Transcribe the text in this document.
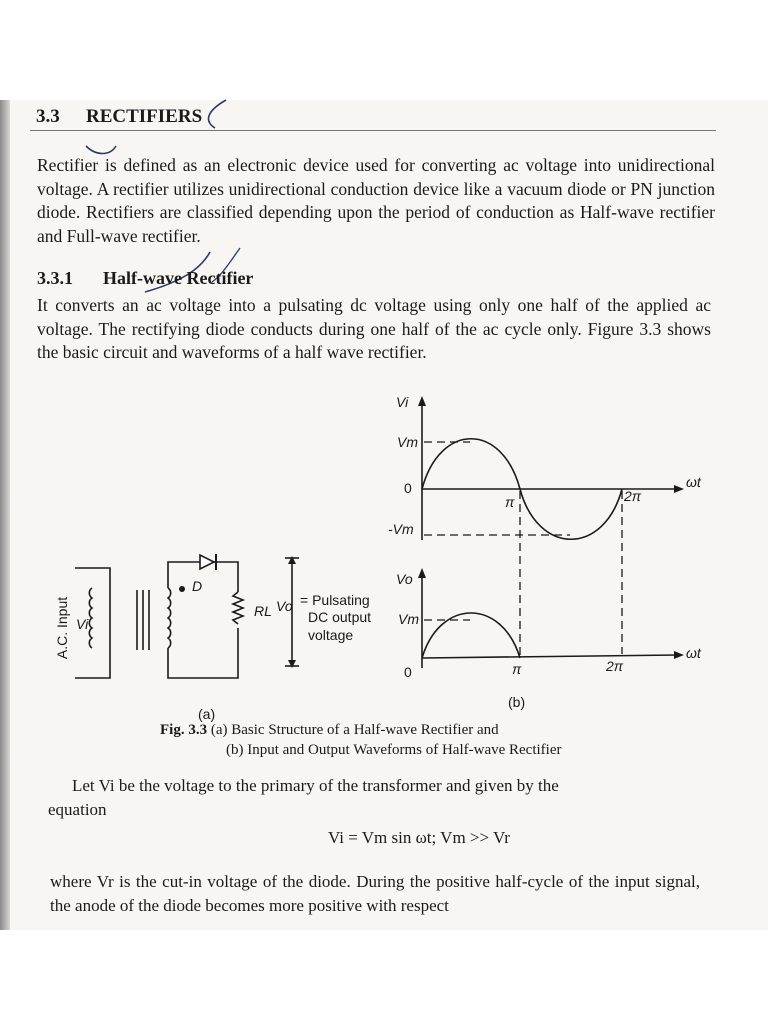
3.3 RECTIFIERS
Rectifier is defined as an electronic device used for converting ac voltage into unidirectional voltage. A rectifier utilizes unidirectional conduction device like a vacuum diode or PN junction diode. Rectifiers are classified depending upon the period of conduction as Half-wave rectifier and Full-wave rectifier.
3.3.1 Half-wave Rectifier
It converts an ac voltage into a pulsating dc voltage using only one half of the applied ac voltage. The rectifying diode conducts during one half of the ac cycle only. Figure 3.3 shows the basic circuit and waveforms of a half wave rectifier.
A.C. Input Vi
D
RL Vo = Pulsating
DC output
voltage
(a)
Vi
Vm
0
-Vm
π	2π
ωt
Vo
Vm
0	π	2π
ωt
(b)
Fig. 3.3 (a) Basic Structure of a Half-wave Rectifier and
(b) Input and Output Waveforms of Half-wave Rectifier
Let Vi be the voltage to the primary of the transformer and given by the
equation
Vi = Vm sin ωt; Vm >> Vr
where Vr is the cut-in voltage of the diode. During the positive half-cycle of the input signal, the anode of the diode becomes more positive with respect
